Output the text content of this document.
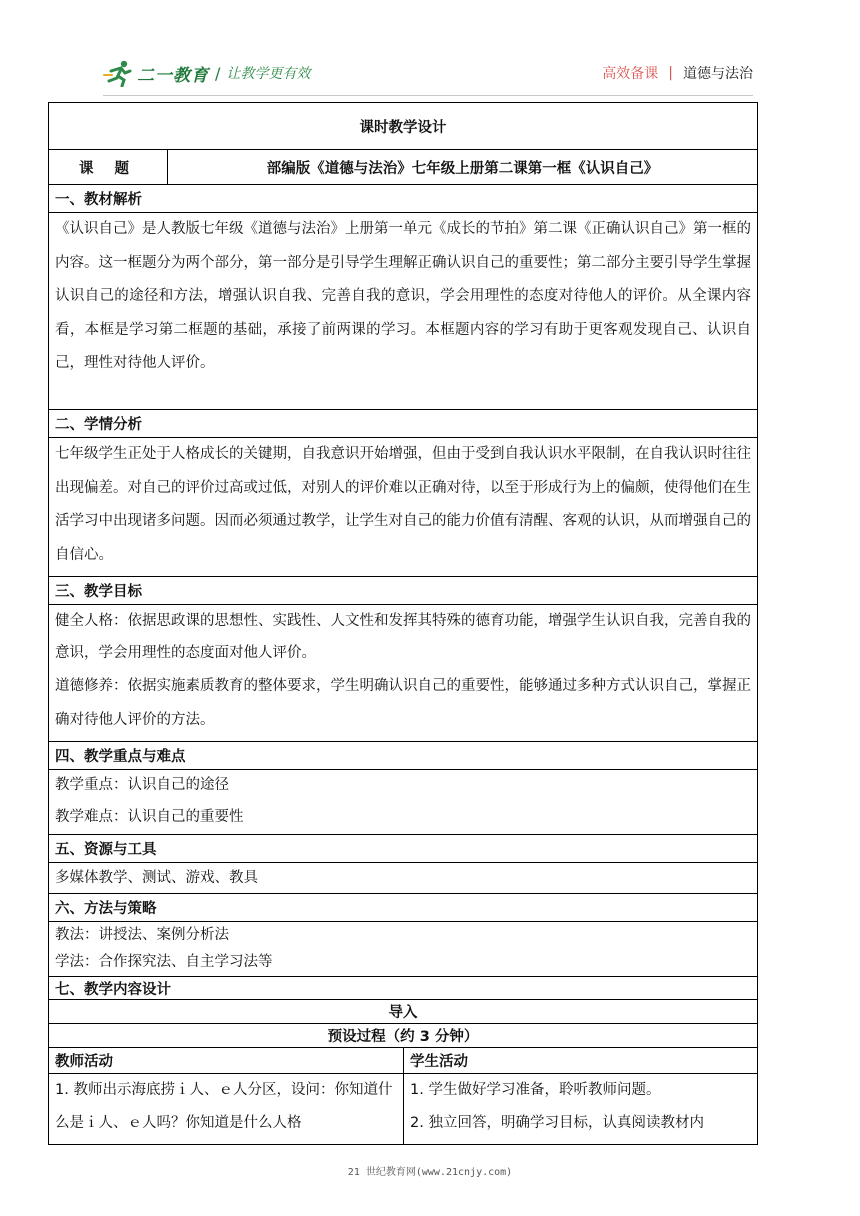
二一教育 / 让教学更有效	高效备课 | 道德与法治
课时教学设计		
课 题	部编版《道德与法治》七年级上册第二课第一框《认识自己》	
一、教材解析		
《认识自己》是人教版七年级《道德与法治》上册第一单元《成长的节拍》第二课《正确认识自己》第一框的内容。这一框题分为两个部分，第一部分是引导学生理解正确认识自己的重要性；第二部分主要引导学生掌握认识自己的途径和方法，增强认识自我、完善自我的意识，学会用理性的态度对待他人的评价。从全课内容看，本框是学习第二框题的基础，承接了前两课的学习。本框题内容的学习有助于更客观发现自己、认识自己，理性对待他人评价。		
二、学情分析		
七年级学生正处于人格成长的关键期，自我意识开始增强，但由于受到自我认识水平限制，在自我认识时往往出现偏差。对自己的评价过高或过低，对别人的评价难以正确对待，以至于形成行为上的偏颇，使得他们在生活学习中出现诸多问题。因而必须通过教学，让学生对自己的能力价值有清醒、客观的认识，从而增强自己的自信心。		
三、教学目标		

健全人格：依据思政课的思想性、实践性、人文性和发挥其特殊的德育功能，增强学生认识自我，完善自我的意识，学会用理性的态度面对他人评价。
道德修养：依据实施素质教育的整体要求，学生明确认识自己的重要性，能够通过多种方式认识自己，掌握正确对待他人评价的方法。		

四、教学重点与难点		

教学重点：认识自己的途径
教学难点：认识自己的重要性		

五、资源与工具		
多媒体教学、测试、游戏、教具		
六、方法与策略		

教法：讲授法、案例分析法
学法：合作探究法、自主学习法等		

七、教学内容设计		
导入		
预设过程（约 3 分钟）		
教师活动		学生活动
1. 教师出示海底捞ｉ人、ｅ人分区，设问：你知道什么是ｉ人、ｅ人吗？你知道是什么人格		1. 学生做好学习准备，聆听教师问题。
2. 独立回答，明确学习目标，认真阅读教材内
21 世纪教育网(www.21cnjy.com)
